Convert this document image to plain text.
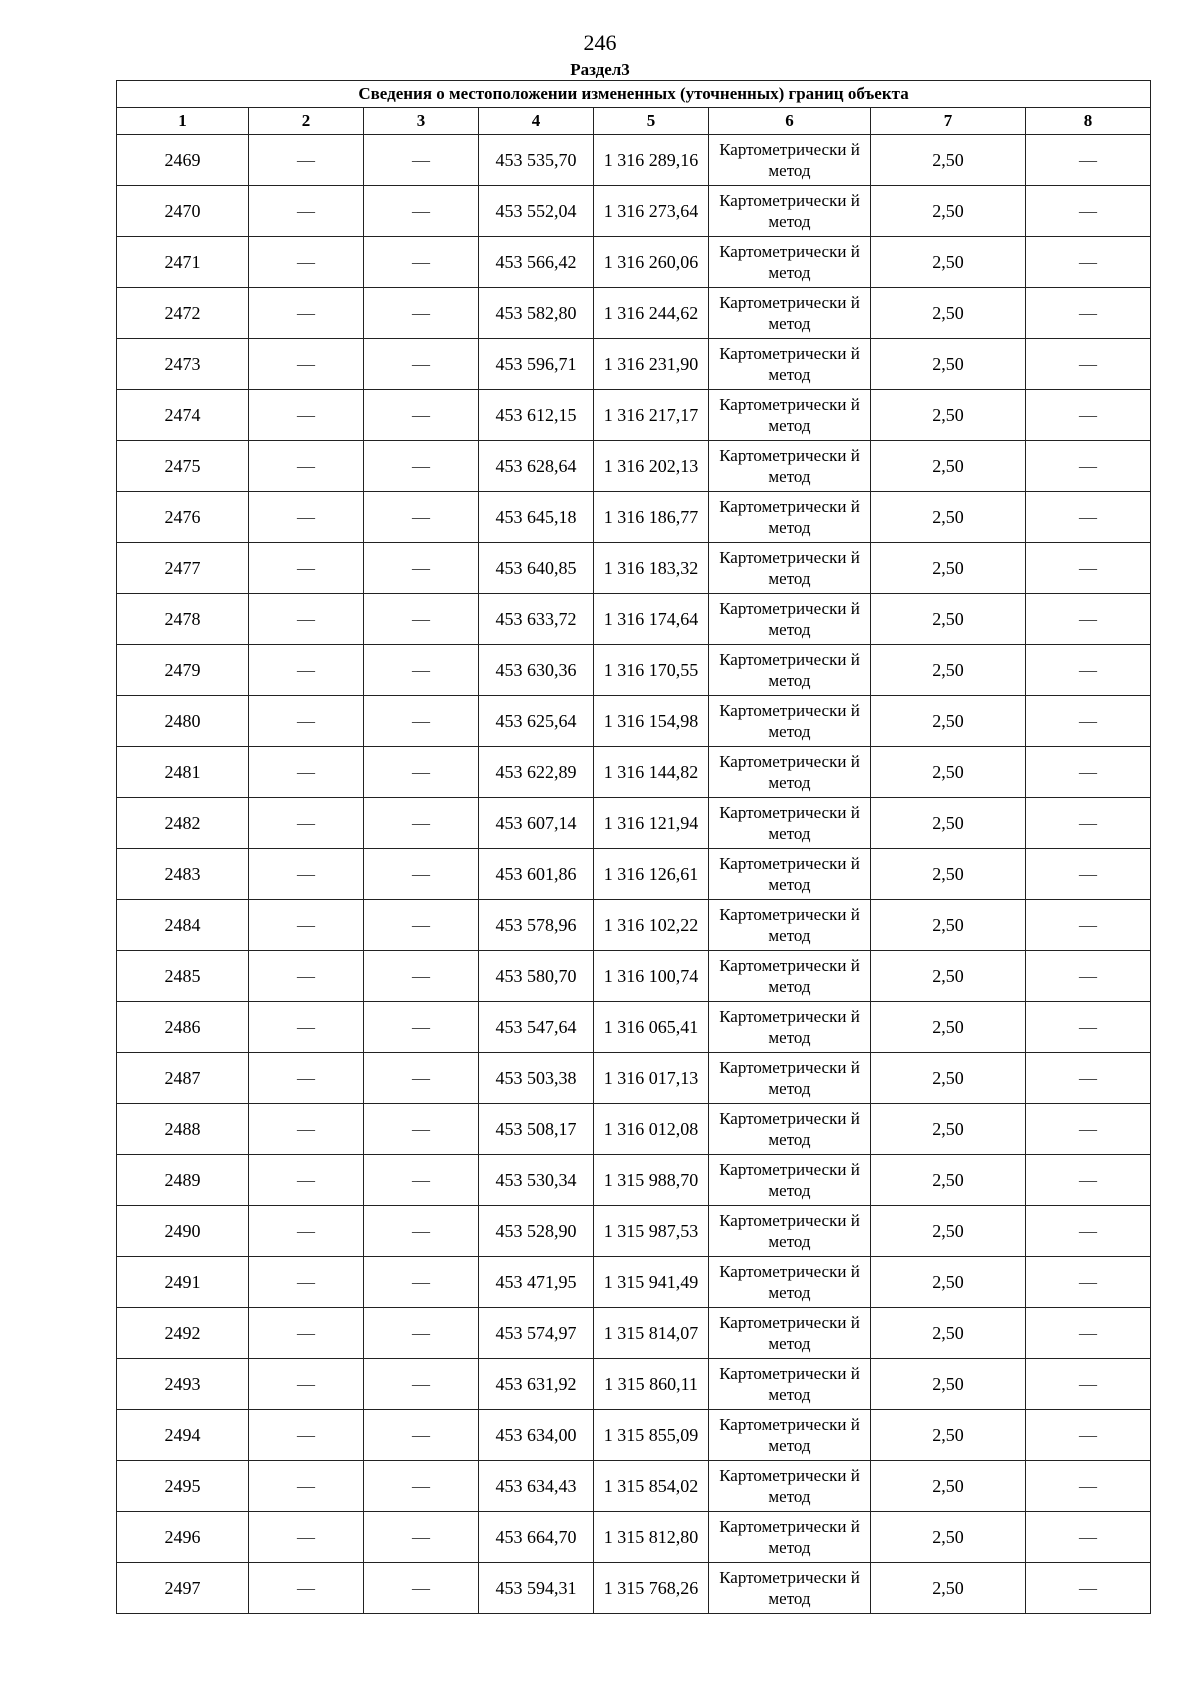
246
Раздел3
Сведения о местоположении измененных (уточненных) границ объекта							
1	2	3	4	5	6	7	8
2469	—	—	453 535,70	1 316 289,16	Картометрически й метод	2,50	—
2470	—	—	453 552,04	1 316 273,64	Картометрически й метод	2,50	—
2471	—	—	453 566,42	1 316 260,06	Картометрически й метод	2,50	—
2472	—	—	453 582,80	1 316 244,62	Картометрически й метод	2,50	—
2473	—	—	453 596,71	1 316 231,90	Картометрически й метод	2,50	—
2474	—	—	453 612,15	1 316 217,17	Картометрически й метод	2,50	—
2475	—	—	453 628,64	1 316 202,13	Картометрически й метод	2,50	—
2476	—	—	453 645,18	1 316 186,77	Картометрически й метод	2,50	—
2477	—	—	453 640,85	1 316 183,32	Картометрически й метод	2,50	—
2478	—	—	453 633,72	1 316 174,64	Картометрически й метод	2,50	—
2479	—	—	453 630,36	1 316 170,55	Картометрически й метод	2,50	—
2480	—	—	453 625,64	1 316 154,98	Картометрически й метод	2,50	—
2481	—	—	453 622,89	1 316 144,82	Картометрически й метод	2,50	—
2482	—	—	453 607,14	1 316 121,94	Картометрически й метод	2,50	—
2483	—	—	453 601,86	1 316 126,61	Картометрически й метод	2,50	—
2484	—	—	453 578,96	1 316 102,22	Картометрически й метод	2,50	—
2485	—	—	453 580,70	1 316 100,74	Картометрически й метод	2,50	—
2486	—	—	453 547,64	1 316 065,41	Картометрически й метод	2,50	—
2487	—	—	453 503,38	1 316 017,13	Картометрически й метод	2,50	—
2488	—	—	453 508,17	1 316 012,08	Картометрически й метод	2,50	—
2489	—	—	453 530,34	1 315 988,70	Картометрически й метод	2,50	—
2490	—	—	453 528,90	1 315 987,53	Картометрически й метод	2,50	—
2491	—	—	453 471,95	1 315 941,49	Картометрически й метод	2,50	—
2492	—	—	453 574,97	1 315 814,07	Картометрически й метод	2,50	—
2493	—	—	453 631,92	1 315 860,11	Картометрически й метод	2,50	—
2494	—	—	453 634,00	1 315 855,09	Картометрически й метод	2,50	—
2495	—	—	453 634,43	1 315 854,02	Картометрически й метод	2,50	—
2496	—	—	453 664,70	1 315 812,80	Картометрически й метод	2,50	—
2497	—	—	453 594,31	1 315 768,26	Картометрически й метод	2,50	—
